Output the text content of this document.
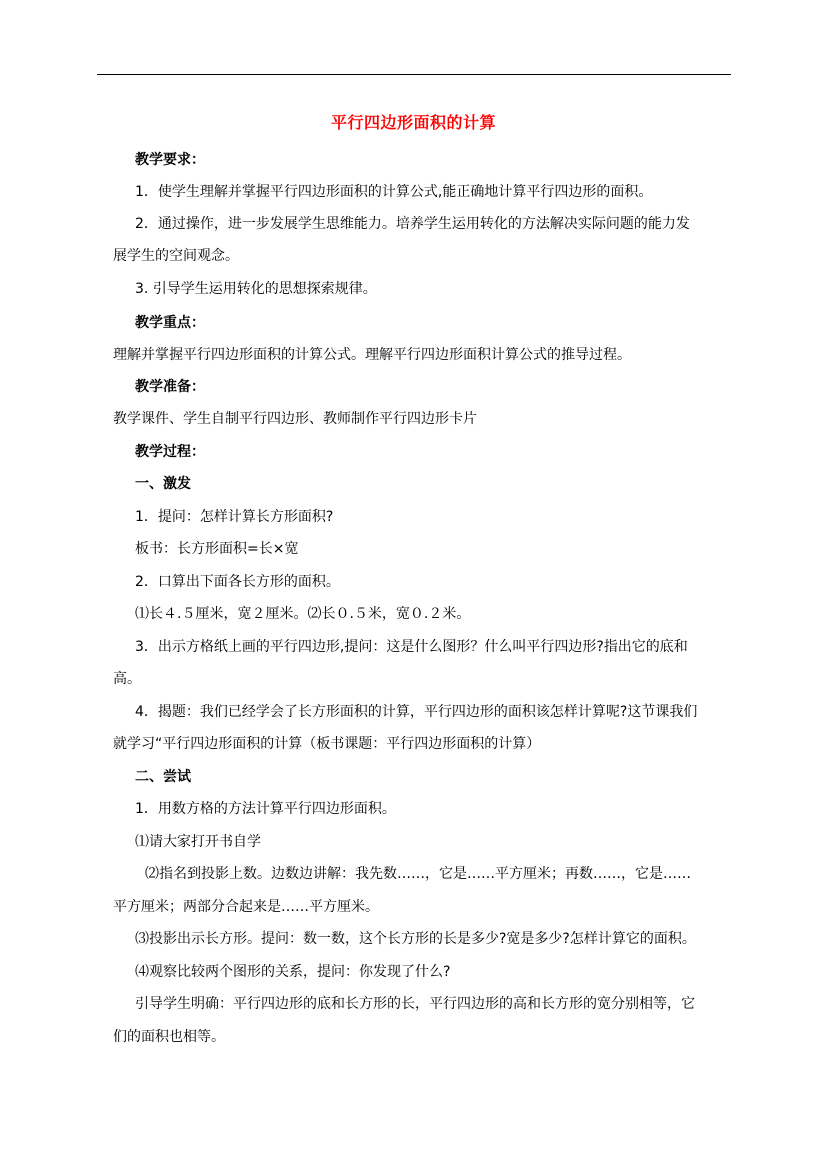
平行四边形面积的计算
教学要求：
1．使学生理解并掌握平行四边形面积的计算公式,能正确地计算平行四边形的面积。
2．通过操作，进一步发展学生思维能力。培养学生运用转化的方法解决实际问题的能力发
展学生的空间观念。
3. 引导学生运用转化的思想探索规律。
教学重点：
理解并掌握平行四边形面积的计算公式。理解平行四边形面积计算公式的推导过程。
教学准备：
教学课件、学生自制平行四边形、教师制作平行四边形卡片
教学过程：
一、激发
1．提问：怎样计算长方形面积?
板书：长方形面积=长×宽
2．口算出下面各长方形的面积。
⑴长４.５厘米，宽２厘米。⑵长０.５米，宽０.２米。
3．出示方格纸上画的平行四边形,提问：这是什么图形？什么叫平行四边形?指出它的底和
高。
4．揭题：我们已经学会了长方形面积的计算，平行四边形的面积该怎样计算呢?这节课我们
就学习“平行四边形面积的计算（板书课题：平行四边形面积的计算）
二、尝试
1．用数方格的方法计算平行四边形面积。
⑴请大家打开书自学
⑵指名到投影上数。边数边讲解：我先数……，它是……平方厘米；再数……，它是……
平方厘米；两部分合起来是……平方厘米。
⑶投影出示长方形。提问：数一数，这个长方形的长是多少?宽是多少?怎样计算它的面积。
⑷观察比较两个图形的关系，提问：你发现了什么?
引导学生明确：平行四边形的底和长方形的长，平行四边形的高和长方形的宽分别相等，它
们的面积也相等。
